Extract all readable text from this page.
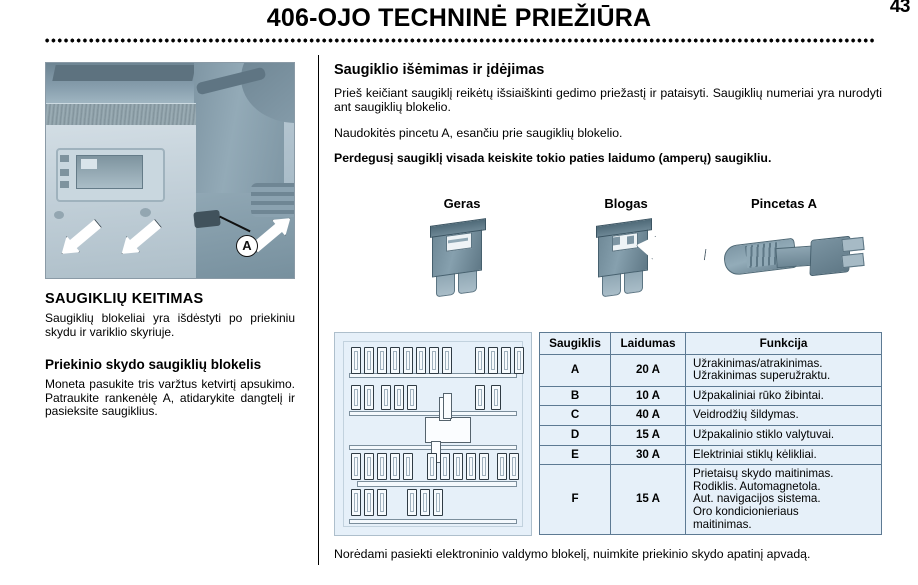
43
406-OJO TECHNINĖ PRIEŽIŪRA
A
SAUGIKLIŲ KEITIMAS
Saugiklių blokeliai yra išdėstyti po priekiniu skydu ir variklio skyriuje.
Priekinio skydo saugiklių blokelis
Moneta pasukite tris varžtus ketvirtį apsukimo. Patraukite rankenėlę A, atidarykite dangtelį ir pasieksite saugiklius.
Saugiklio išėmimas ir įdėjimas
Prieš keičiant saugiklį reikėtų išsiaiškinti gedimo priežastį ir pataisyti. Saugiklių numeriai yra nurodyti ant saugiklių blokelio.
Naudokitės pincetu A, esančiu prie saugiklių blokelio.
Perdegusį saugiklį visada keiskite tokio paties laidumo (amperų) saugikliu.
Geras	Blogas	Pincetas A
Saugiklis	Laidumas	Funkcija
A	20 A	Užrakinimas/atrakinimas.
Užrakinimas superužraktu.
B	10 A	Užpakaliniai rūko žibintai.
C	40 A	Veidrodžių šildymas.
D	15 A	Užpakalinio stiklo valytuvai.
E	30 A	Elektriniai stiklų kėlikliai.
F	15 A	Prietaisų skydo maitinimas.
Rodiklis. Automagnetola.
Aut. navigacijos sistema.
Oro kondicionieriaus
maitinimas.
Norėdami pasiekti elektroninio valdymo blokelį, nuimkite priekinio skydo apatinį apvadą.
